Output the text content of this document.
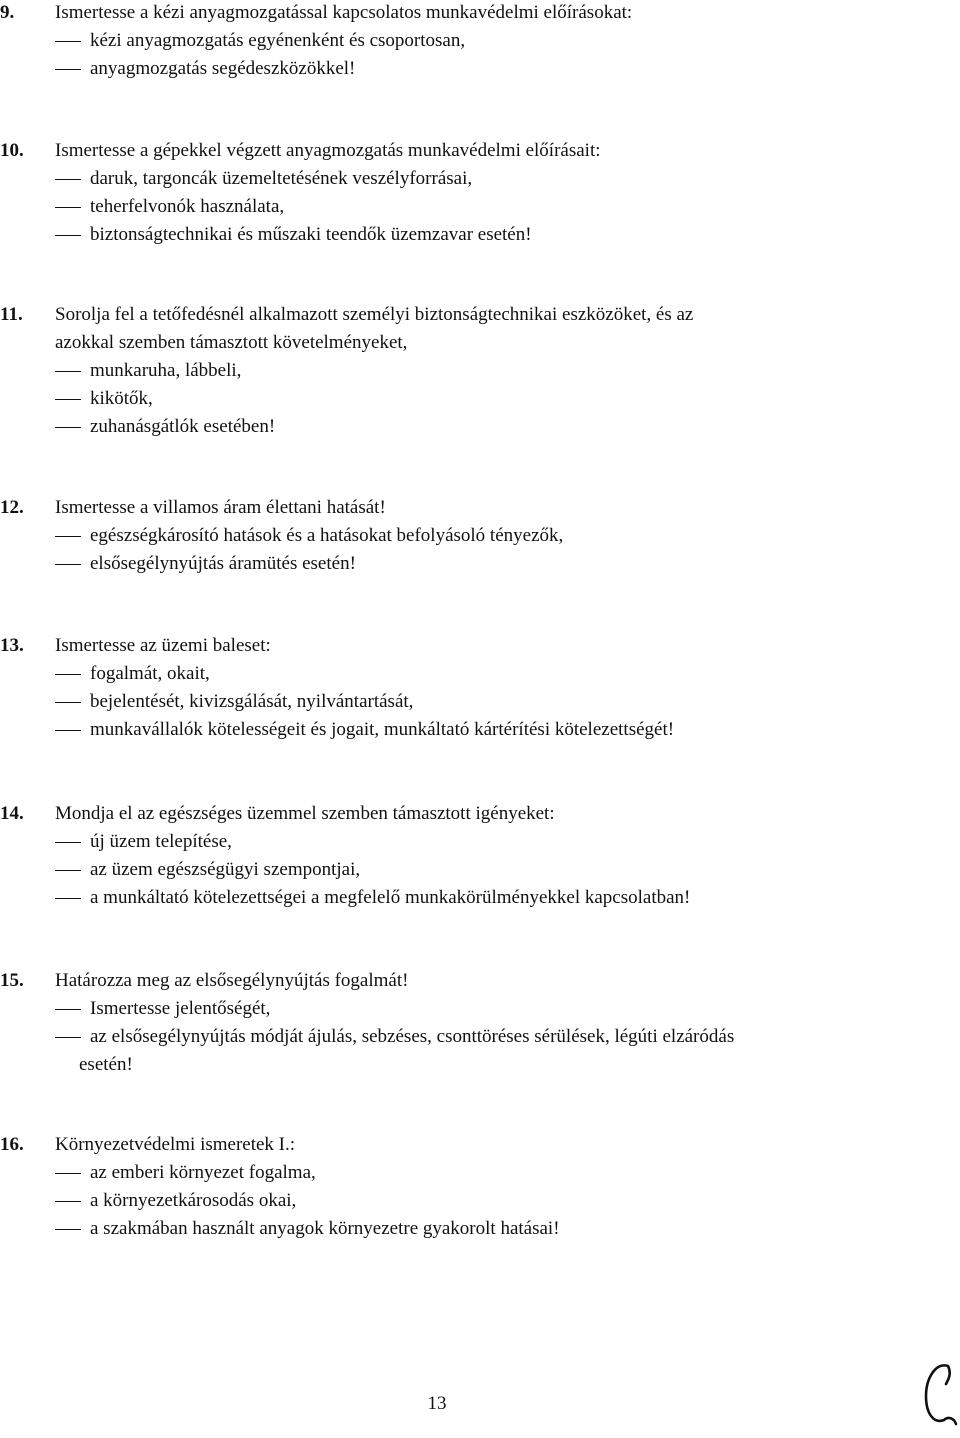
9. Ismertesse a kézi anyagmozgatással kapcsolatos munkavédelmi előírásokat:
kézi anyagmozgatás egyénenként és csoportosan,
anyagmozgatás segédeszközökkel!
10. Ismertesse a gépekkel végzett anyagmozgatás munkavédelmi előírásait:
daruk, targoncák üzemeltetésének veszélyforrásai,
teherfelvonók használata,
biztonságtechnikai és műszaki teendők üzemzavar esetén!
11. Sorolja fel a tetőfedésnél alkalmazott személyi biztonságtechnikai eszközöket, és az
azokkal szemben támasztott követelményeket,
munkaruha, lábbeli,
kikötők,
zuhanásgátlók esetében!
12. Ismertesse a villamos áram élettani hatását!
egészségkárosító hatások és a hatásokat befolyásoló tényezők,
elsősegélynyújtás áramütés esetén!
13. Ismertesse az üzemi baleset:
fogalmát, okait,
bejelentését, kivizsgálását, nyilvántartását,
munkavállalók kötelességeit és jogait, munkáltató kártérítési kötelezettségét!
14. Mondja el az egészséges üzemmel szemben támasztott igényeket:
új üzem telepítése,
az üzem egészségügyi szempontjai,
a munkáltató kötelezettségei a megfelelő munkakörülményekkel kapcsolatban!
15. Határozza meg az elsősegélynyújtás fogalmát!
Ismertesse jelentőségét,
az elsősegélynyújtás módját ájulás, sebzéses, csonttöréses sérülések, légúti elzáródás
esetén!
16. Környezetvédelmi ismeretek I.:
az emberi környezet fogalma,
a környezetkárosodás okai,
a szakmában használt anyagok környezetre gyakorolt hatásai!
13
